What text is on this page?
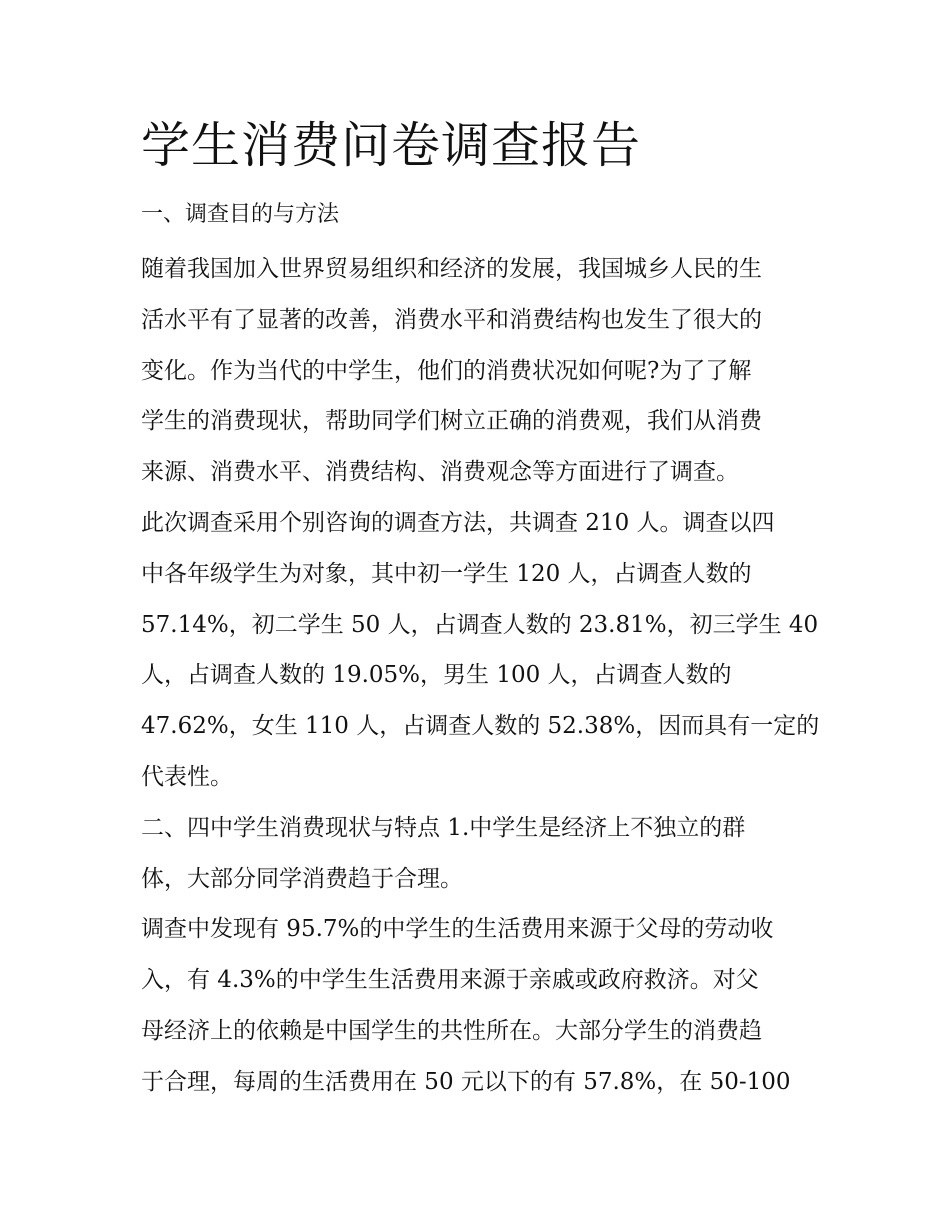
学生消费问卷调查报告
一、调查目的与方法
随着我国加入世界贸易组织和经济的发展，我国城乡人民的生
活水平有了显著的改善，消费水平和消费结构也发生了很大的
变化。作为当代的中学生，他们的消费状况如何呢?为了了解
学生的消费现状，帮助同学们树立正确的消费观，我们从消费
来源、消费水平、消费结构、消费观念等方面进行了调查。
此次调查采用个别咨询的调查方法，共调查 210 人。调查以四
中各年级学生为对象，其中初一学生 120 人，占调查人数的
57.14%，初二学生 50 人，占调查人数的 23.81%，初三学生 40
人，占调查人数的 19.05%，男生 100 人，占调查人数的
47.62%，女生 110 人，占调查人数的 52.38%，因而具有一定的
代表性。
二、四中学生消费现状与特点 1.中学生是经济上不独立的群
体，大部分同学消费趋于合理。
调查中发现有 95.7%的中学生的生活费用来源于父母的劳动收
入，有 4.3%的中学生生活费用来源于亲戚或政府救济。对父
母经济上的依赖是中国学生的共性所在。大部分学生的消费趋
于合理，每周的生活费用在 50 元以下的有 57.8%，在 50-100
